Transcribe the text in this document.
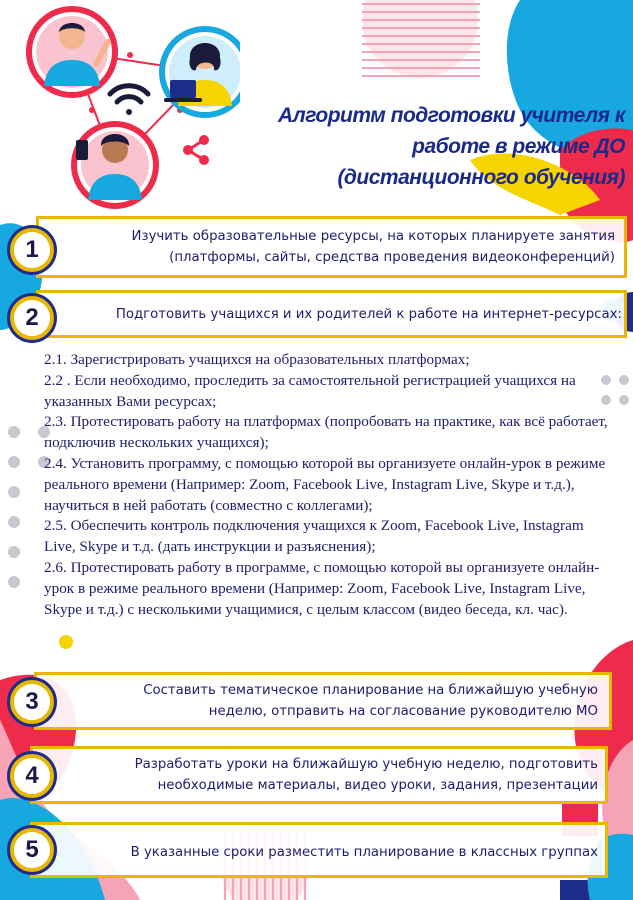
Алгоритм подготовки учителя к
работе в режиме ДО
(дистанционного обучения)
1	Изучить образовательные ресурсы, на которых планируете занятия
(платформы, сайты, средства проведения видеоконференций)
2	Подготовить учащихся и их родителей к работе на интернет-ресурсах:

2.1. Зарегистрировать учащихся на образовательных платформах;

2.2 . Если необходимо, проследить за самостоятельной регистрацией учащихся на указанных Вами ресурсах;

2.3. Протестировать работу на платформах (попробовать на практике, как всё работает, подключив нескольких учащихся);

2.4. Установить программу, с помощью которой вы организуете онлайн-урок в режиме реального времени (Например: Zoom, Facebook Live, Instagram Live, Skype и т.д.), научиться в ней работать (совместно с коллегами);

2.5. Обеспечить контроль подключения учащихся к Zoom, Facebook Live, Instagram Live, Skype и т.д. (дать инструкции и разъяснения);

2.6. Протестировать работу в программе, с помощью которой вы организуете онлайн-урок в режиме реального времени (Например: Zoom, Facebook Live, Instagram Live, Skype и т.д.) с несколькими учащимися, с целым классом (видео беседа, кл. час).

3	Составить тематическое планирование на ближайшую учебную
неделю, отправить на согласование руководителю МО
4	Разработать уроки на ближайшую учебную неделю, подготовить
необходимые материалы, видео уроки, задания, презентации
5	В указанные сроки разместить планирование в классных группах
